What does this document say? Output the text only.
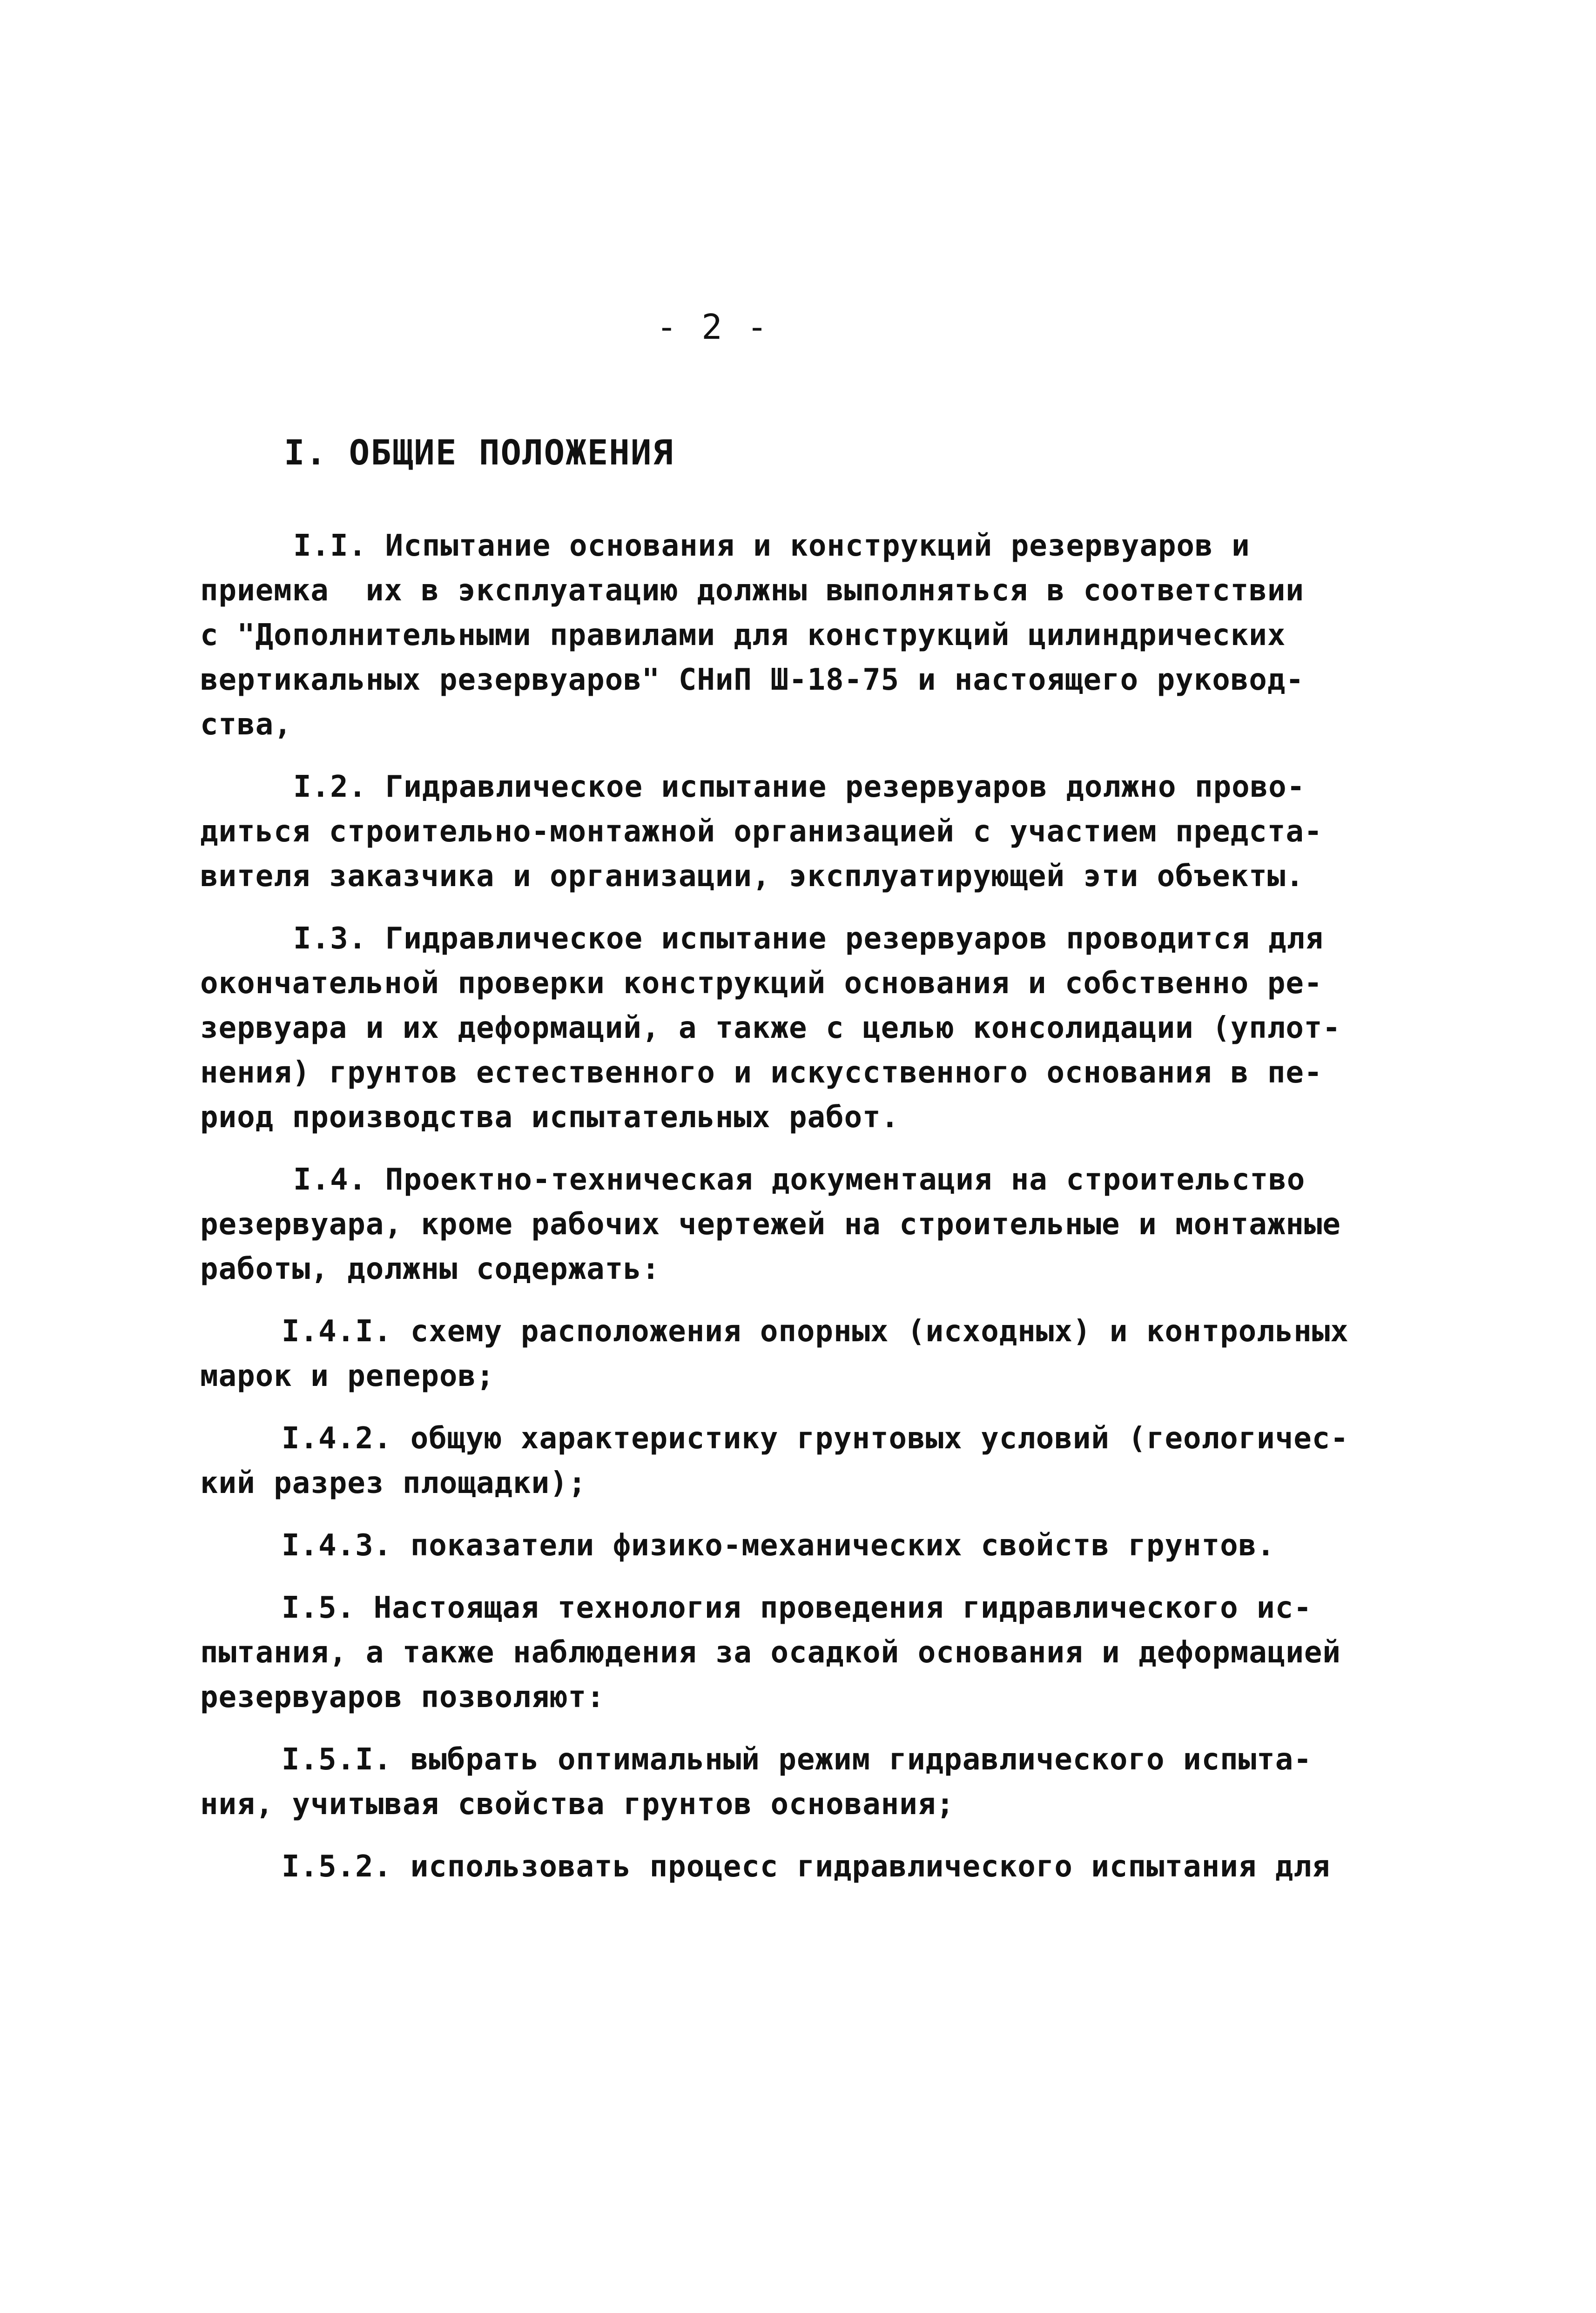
- 2 -
I. ОБЩИЕ ПОЛОЖЕНИЯ
I.I. Испытание основания и конструкций резервуаров и
приемка  их в эксплуатацию должны выполняться в соответствии
с "Дополнительными правилами для конструкций цилиндрических
вертикальных резервуаров" СНиП Ш-18-75 и настоящего руковод-
ства,
I.2. Гидравлическое испытание резервуаров должно прово-
диться строительно-монтажной организацией с участием предста-
вителя заказчика и организации, эксплуатирующей эти объекты.
I.3. Гидравлическое испытание резервуаров проводится для
окончательной проверки конструкций основания и собственно ре-
зервуара и их деформаций, а также с целью консолидации (уплот-
нения) грунтов естественного и искусственного основания в пе-
риод производства испытательных работ.
I.4. Проектно-техническая документация на строительство
резервуара, кроме рабочих чертежей на строительные и монтажные
работы, должны содержать:
I.4.I. схему расположения опорных (исходных) и контрольных
марок и реперов;
I.4.2. общую характеристику грунтовых условий (геологичес-
кий разрез площадки);
I.4.3. показатели физико-механических свойств грунтов.
I.5. Настоящая технология проведения гидравлического ис-
пытания, а также наблюдения за осадкой основания и деформацией
резервуаров позволяют:
I.5.I. выбрать оптимальный режим гидравлического испыта-
ния, учитывая свойства грунтов основания;
I.5.2. использовать процесс гидравлического испытания для
